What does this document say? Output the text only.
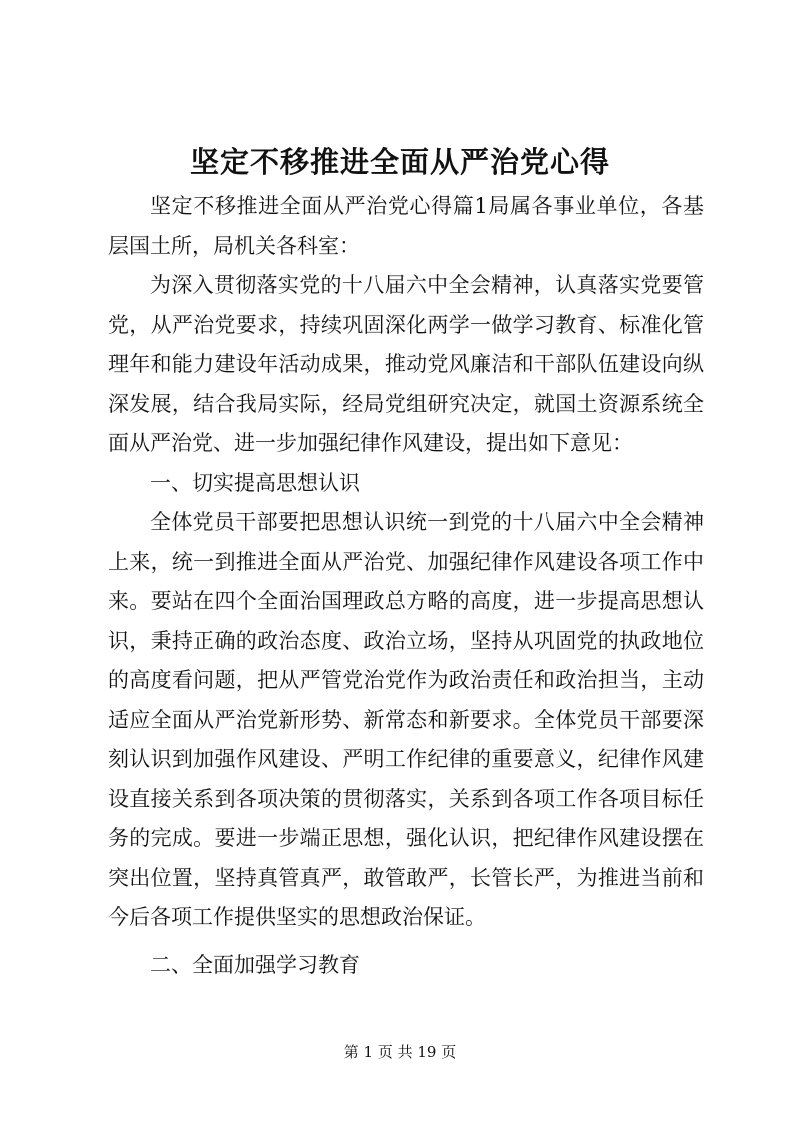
坚定不移推进全面从严治党心得

坚定不移推进全面从严治党心得篇1局属各事业单位，各基层国土所，局机关各科室：

为深入贯彻落实党的十八届六中全会精神，认真落实党要管党，从严治党要求，持续巩固深化两学一做学习教育、标准化管理年和能力建设年活动成果，推动党风廉洁和干部队伍建设向纵深发展，结合我局实际，经局党组研究决定，就国土资源系统全面从严治党、进一步加强纪律作风建设，提出如下意见：

一、切实提高思想认识

全体党员干部要把思想认识统一到党的十八届六中全会精神上来，统一到推进全面从严治党、加强纪律作风建设各项工作中来。要站在四个全面治国理政总方略的高度，进一步提高思想认识，秉持正确的政治态度、政治立场，坚持从巩固党的执政地位的高度看问题，把从严管党治党作为政治责任和政治担当，主动适应全面从严治党新形势、新常态和新要求。全体党员干部要深刻认识到加强作风建设、严明工作纪律的重要意义，纪律作风建设直接关系到各项决策的贯彻落实，关系到各项工作各项目标任务的完成。要进一步端正思想，强化认识，把纪律作风建设摆在突出位置，坚持真管真严，敢管敢严，长管长严，为推进当前和今后各项工作提供坚实的思想政治保证。

二、全面加强学习教育

第 1 页 共 19 页
